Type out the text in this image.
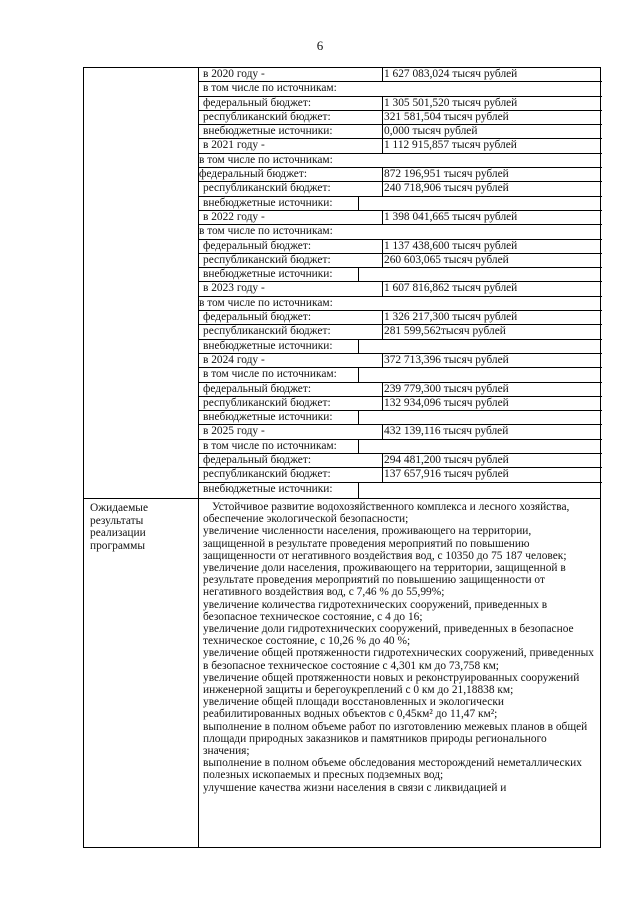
6
в 2020 году -	1 627 083,024 тысяч рублей
в том числе по источникам:
федеральный бюджет:	1 305 501,520 тысяч рублей
республиканский бюджет:	321 581,504 тысяч рублей
внебюджетные источники:	0,000 тысяч рублей
в 2021 году -	1 112 915,857 тысяч рублей
в том числе по источникам:
федеральный бюджет:	872 196,951 тысяч рублей
республиканский бюджет:	240 718,906 тысяч рублей
внебюджетные источники:
в 2022 году -	1 398 041,665 тысяч рублей
в том числе по источникам:
федеральный бюджет:	1 137 438,600 тысяч рублей
республиканский бюджет:	260 603,065 тысяч рублей
внебюджетные источники:
в 2023 году -	1 607 816,862 тысяч рублей
в том числе по источникам:
федеральный бюджет:	1 326 217,300 тысяч рублей
республиканский бюджет:	281 599,562тысяч рублей
внебюджетные источники:
в 2024 году -	372 713,396 тысяч рублей
в том числе по источникам:
федеральный бюджет:	239 779,300 тысяч рублей
республиканский бюджет:	132 934,096 тысяч рублей
внебюджетные источники:
в 2025 году -	432 139,116 тысяч рублей
в том числе по источникам:
федеральный бюджет:	294 481,200 тысяч рублей
республиканский бюджет:	137 657,916 тысяч рублей
внебюджетные источники:
Ожидаемые результаты реализации программы

Устойчивое развитие водохозяйственного комплекса и лесного хозяйства, обеспечение экологической безопасности;

увеличение численности населения, проживающего на территории, защищенной в результате проведения мероприятий по повышению защищенности от негативного воздействия вод, с 10350 до 75 187 человек;

увеличение доли населения, проживающего на территории, защищенной в результате проведения мероприятий по повышению защищенности от негативного воздействия вод, с 7,46 % до 55,99%;

увеличение количества гидротехнических сооружений, приведенных в безопасное техническое состояние, с 4 до 16;

увеличение доли гидротехнических сооружений, приведенных в безопасное техническое состояние, с 10,26 % до 40 %;

увеличение общей протяженности гидротехнических сооружений, приведенных в безопасное техническое состояние с 4,301 км до 73,758 км;

увеличение общей протяженности новых и реконструированных сооружений инженерной защиты и берегоукреплений с 0 км до 21,18838 км;

увеличение общей площади восстановленных и экологически реабилитированных водных объектов с 0,45км² до 11,47 км²;

выполнение в полном объеме работ по изготовлению межевых планов в общей площади природных заказников и памятников природы регионального значения;

выполнение в полном объеме обследования месторождений неметаллических полезных ископаемых и пресных подземных вод;

улучшение качества жизни населения в связи с ликвидацией и
